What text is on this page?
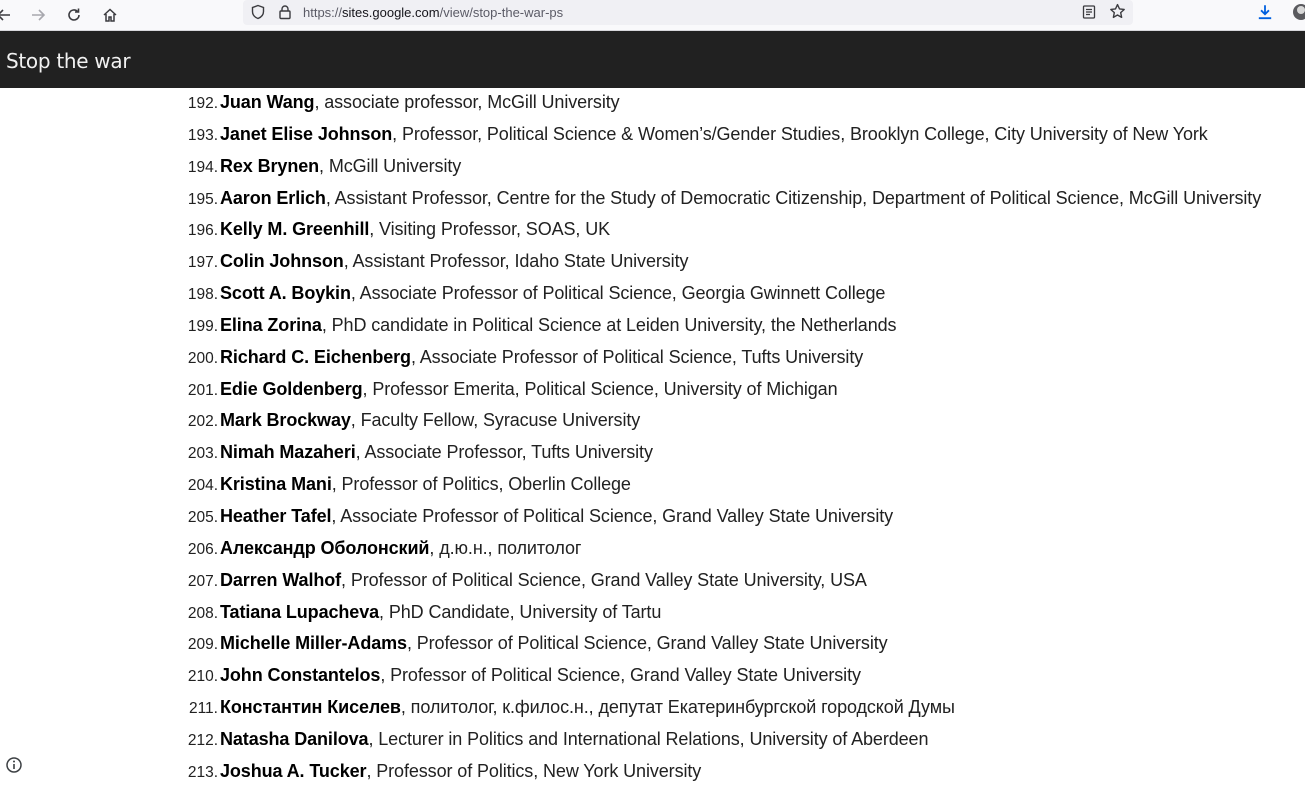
https://sites.google.com/view/stop-the-war-ps
Stop the war
192. Juan Wang, associate professor, McGill University
193. Janet Elise Johnson, Professor, Political Science & Women’s/Gender Studies, Brooklyn College, City University of New York
194. Rex Brynen, McGill University
195. Aaron Erlich, Assistant Professor, Centre for the Study of Democratic Citizenship, Department of Political Science, McGill University
196. Kelly M. Greenhill, Visiting Professor, SOAS, UK
197. Colin Johnson, Assistant Professor, Idaho State University
198. Scott A. Boykin, Associate Professor of Political Science, Georgia Gwinnett College
199. Elina Zorina, PhD candidate in Political Science at Leiden University, the Netherlands
200. Richard C. Eichenberg, Associate Professor of Political Science, Tufts University
201. Edie Goldenberg, Professor Emerita, Political Science, University of Michigan
202. Mark Brockway, Faculty Fellow, Syracuse University
203. Nimah Mazaheri, Associate Professor, Tufts University
204. Kristina Mani, Professor of Politics, Oberlin College
205. Heather Tafel, Associate Professor of Political Science, Grand Valley State University
206. Александр Оболонский, д.ю.н., политолог
207. Darren Walhof, Professor of Political Science, Grand Valley State University, USA
208. Tatiana Lupacheva, PhD Candidate, University of Tartu
209. Michelle Miller-Adams, Professor of Political Science, Grand Valley State University
210. John Constantelos, Professor of Political Science, Grand Valley State University
211. Константин Киселев, политолог, к.филос.н., депутат Екатеринбургской городской Думы
212. Natasha Danilova, Lecturer in Politics and International Relations, University of Aberdeen
213. Joshua A. Tucker, Professor of Politics, New York University
